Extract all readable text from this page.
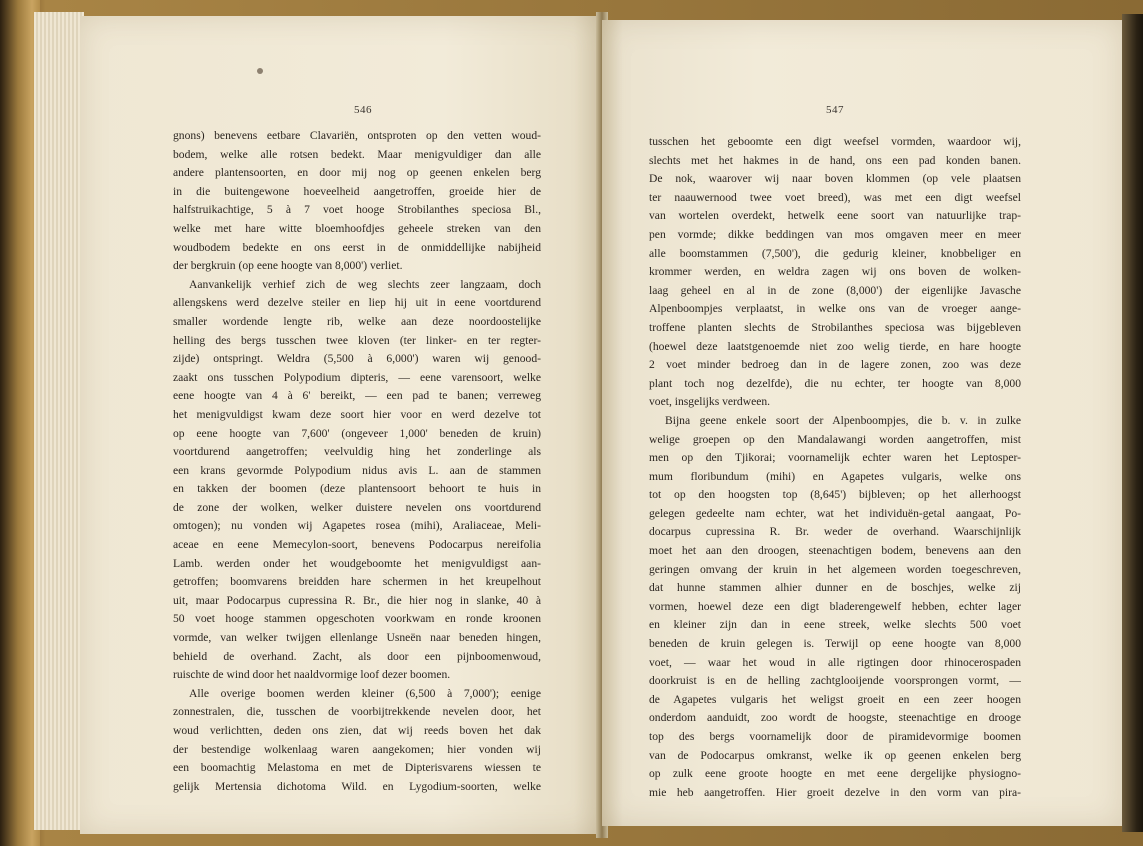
546	547
gnons) benevens eetbare Clavariën, ontsproten op den vetten woud-
bodem, welke alle rotsen bedekt. Maar menigvuldiger dan alle
andere plantensoorten, en door mij nog op geenen enkelen berg
in die buitengewone hoeveelheid aangetroffen, groeide hier de
halfstruikachtige, 5 à 7 voet hooge Strobilanthes speciosa Bl.,
welke met hare witte bloemhoofdjes geheele streken van den
woudbodem bedekte en ons eerst in de onmiddellijke nabijheid
der bergkruin (op eene hoogte van 8,000') verliet.
Aanvankelijk verhief zich de weg slechts zeer langzaam, doch
allengskens werd dezelve steiler en liep hij uit in eene voortdurend
smaller wordende lengte rib, welke aan deze noordoostelijke
helling des bergs tusschen twee kloven (ter linker- en ter regter-
zijde) ontspringt. Weldra (5,500 à 6,000') waren wij genood-
zaakt ons tusschen Polypodium dipteris, — eene varensoort, welke
eene hoogte van 4 à 6' bereikt, — een pad te banen; verreweg
het menigvuldigst kwam deze soort hier voor en werd dezelve tot
op eene hoogte van 7,600' (ongeveer 1,000' beneden de kruin)
voortdurend aangetroffen; veelvuldig hing het zonderlinge als
een krans gevormde Polypodium nidus avis L. aan de stammen
en takken der boomen (deze plantensoort behoort te huis in
de zone der wolken, welker duistere nevelen ons voortdurend
omtogen); nu vonden wij Agapetes rosea (mihi), Araliaceae, Meli-
aceae en eene Memecylon-soort, benevens Podocarpus nereifolia
Lamb. werden onder het woudgeboomte het menigvuldigst aan-
getroffen; boomvarens breidden hare schermen in het kreupelhout
uit, maar Podocarpus cupressina R. Br., die hier nog in slanke, 40 à
50 voet hooge stammen opgeschoten voorkwam en ronde kroonen
vormde, van welker twijgen ellenlange Usneën naar beneden hingen,
behield de overhand. Zacht, als door een pijnboomenwoud,
ruischte de wind door het naaldvormige loof dezer boomen.
Alle overige boomen werden kleiner (6,500 à 7,000'); eenige
zonnestralen, die, tusschen de voorbijtrekkende nevelen door, het
woud verlichtten, deden ons zien, dat wij reeds boven het dak
der bestendige wolkenlaag waren aangekomen; hier vonden wij
een boomachtig Melastoma en met de Dipterisvarens wiessen te
gelijk Mertensia dichotoma Wild. en Lygodium-soorten, welke
tusschen het geboomte een digt weefsel vormden, waardoor wij,
slechts met het hakmes in de hand, ons een pad konden banen.
De nok, waarover wij naar boven klommen (op vele plaatsen
ter naauwernood twee voet breed), was met een digt weefsel
van wortelen overdekt, hetwelk eene soort van natuurlijke trap-
pen vormde; dikke beddingen van mos omgaven meer en meer
alle boomstammen (7,500'), die gedurig kleiner, knobbeliger en
krommer werden, en weldra zagen wij ons boven de wolken-
laag geheel en al in de zone (8,000') der eigenlijke Javasche
Alpenboompjes verplaatst, in welke ons van de vroeger aange-
troffene planten slechts de Strobilanthes speciosa was bijgebleven
(hoewel deze laatstgenoemde niet zoo welig tierde, en hare hoogte
2 voet minder bedroeg dan in de lagere zonen, zoo was deze
plant toch nog dezelfde), die nu echter, ter hoogte van 8,000
voet, insgelijks verdween.
Bijna geene enkele soort der Alpenboompjes, die b. v. in zulke
welige groepen op den Mandalawangi worden aangetroffen, mist
men op den Tjikorai; voornamelijk echter waren het Leptosper-
mum floribundum (mihi) en Agapetes vulgaris, welke ons
tot op den hoogsten top (8,645') bijbleven; op het allerhoogst
gelegen gedeelte nam echter, wat het individuën-getal aangaat, Po-
docarpus cupressina R. Br. weder de overhand. Waarschijnlijk
moet het aan den droogen, steenachtigen bodem, benevens aan den
geringen omvang der kruin in het algemeen worden toegeschreven,
dat hunne stammen alhier dunner en de boschjes, welke zij
vormen, hoewel deze een digt bladerengewelf hebben, echter lager
en kleiner zijn dan in eene streek, welke slechts 500 voet
beneden de kruin gelegen is. Terwijl op eene hoogte van 8,000
voet, — waar het woud in alle rigtingen door rhinocerospaden
doorkruist is en de helling zachtglooijende voorsprongen vormt, —
de Agapetes vulgaris het weligst groeit en een zeer hoogen
onderdom aanduidt, zoo wordt de hoogste, steenachtige en drooge
top des bergs voornamelijk door de piramidevormige boomen
van de Podocarpus omkranst, welke ik op geenen enkelen berg
op zulk eene groote hoogte en met eene dergelijke physiogno-
mie heb aangetroffen. Hier groeit dezelve in den vorm van pira-
